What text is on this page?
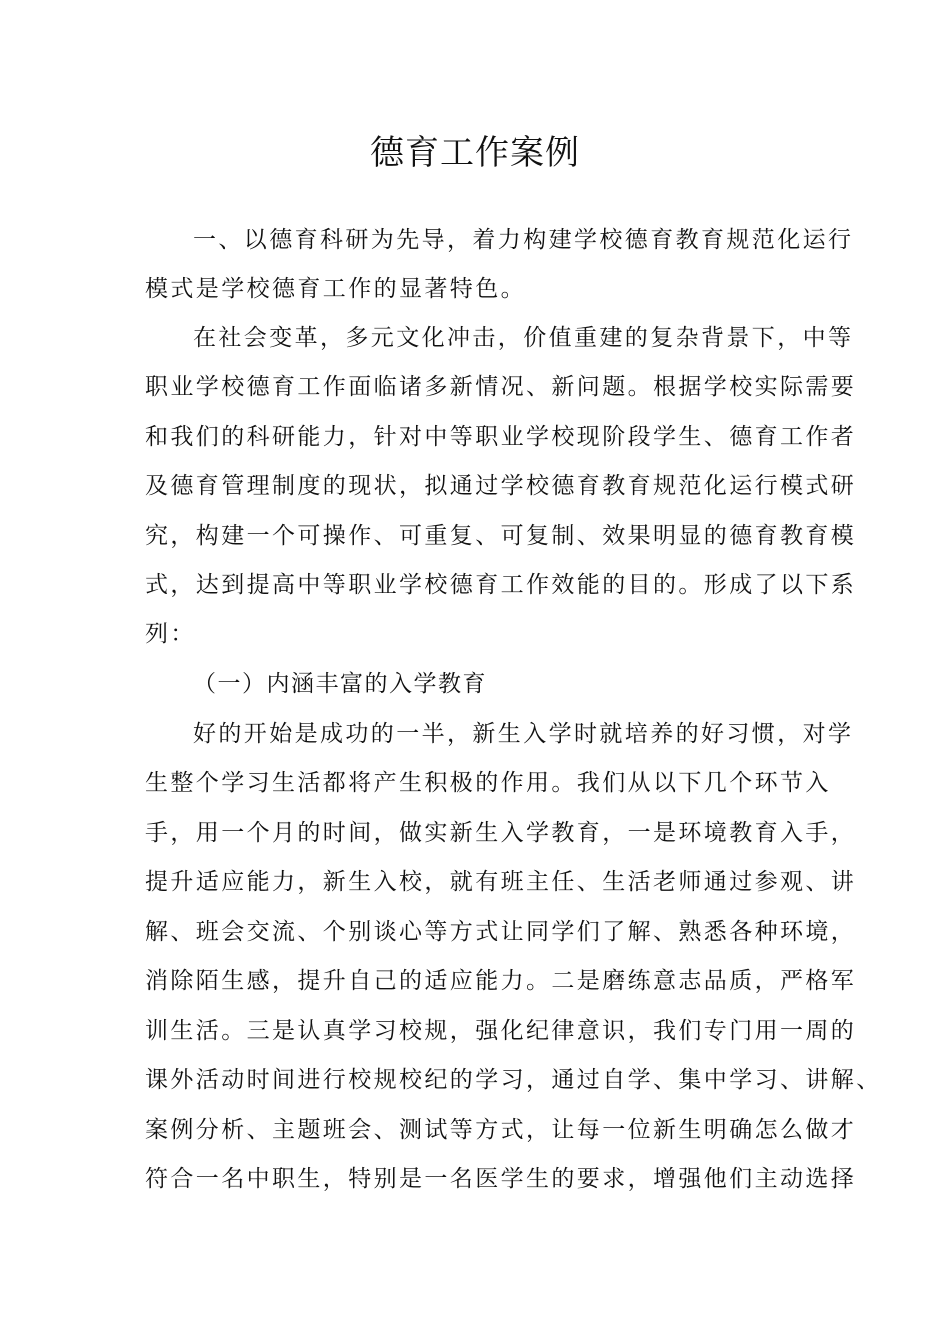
德育工作案例
一、以德育科研为先导，着力构建学校德育教育规范化运行
模式是学校德育工作的显著特色。
在社会变革，多元文化冲击，价值重建的复杂背景下，中等
职业学校德育工作面临诸多新情况、新问题。根据学校实际需要
和我们的科研能力，针对中等职业学校现阶段学生、德育工作者
及德育管理制度的现状，拟通过学校德育教育规范化运行模式研
究，构建一个可操作、可重复、可复制、效果明显的德育教育模
式，达到提高中等职业学校德育工作效能的目的。形成了以下系
列：
（一）内涵丰富的入学教育
好的开始是成功的一半，新生入学时就培养的好习惯，对学
生整个学习生活都将产生积极的作用。我们从以下几个环节入
手，用一个月的时间，做实新生入学教育，一是环境教育入手，
提升适应能力，新生入校，就有班主任、生活老师通过参观、讲
解、班会交流、个别谈心等方式让同学们了解、熟悉各种环境，
消除陌生感，提升自己的适应能力。二是磨练意志品质，严格军
训生活。三是认真学习校规，强化纪律意识，我们专门用一周的
课外活动时间进行校规校纪的学习，通过自学、集中学习、讲解、
案例分析、主题班会、测试等方式，让每一位新生明确怎么做才
符合一名中职生，特别是一名医学生的要求，增强他们主动选择
